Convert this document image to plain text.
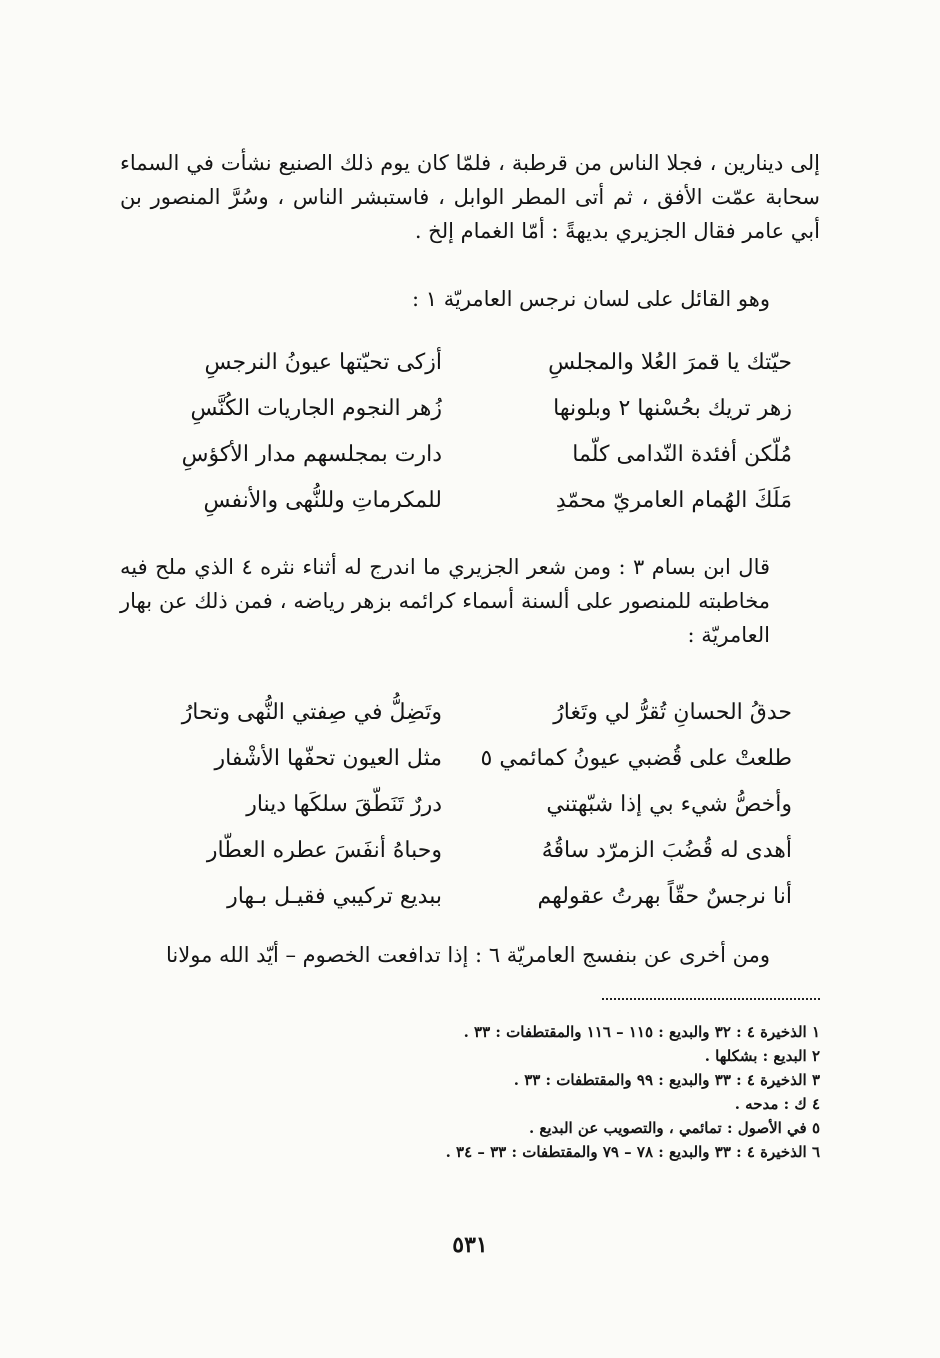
إلى دينارين ، فجلا الناس من قرطبة ، فلمّا كان يوم ذلك الصنيع نشأت في السماء سحابة عمّت الأفق ، ثم أتى المطر الوابل ، فاستبشر الناس ، وسُرَّ المنصور بن أبي عامر فقال الجزيري بديهةً : أمّا الغمام إلخ .

وهو القائل على لسان نرجس العامريّة ١ :

حيّتك يا قمرَ العُلا والمجلسِ
أزكى تحيّتها عيونُ النرجسِ
زهر تريك بحُسْنها ٢ وبلونها
زُهر النجوم الجاريات الكُنَّسِ
مُلّكن أفئدة النّدامى كلّما
دارت بمجلسهم مدار الأكؤسِ
مَلَكَ الهُمام العامريّ محمّدِ
للمكرماتِ وللنُّهى والأنفسِ

قال ابن بسام ٣ : ومن شعر الجزيري ما اندرج له أثناء نثره ٤ الذي ملح فيه مخاطبته للمنصور على ألسنة أسماء كرائمه بزهر رياضه ، فمن ذلك عن بهار العامريّة :

حدقُ الحسانِ تُقرُّ لي وتَغارُ
وتَضِلُّ في صِفتي النُّهى وتحارُ
طلعتْ على قُضبي عيونُ كمائمي ٥
مثل العيون تحفّها الأشْفار
وأخصُّ شيء بي إذا شبّهتني
دررٌ تَنَطّقَ سلكَها دينار
أهدى له قُضُبَ الزمرّد ساقُهُ
وحباهُ أنفَسَ عطره العطّار
أنا نرجسٌ حقّاً بهرتُ عقولهم
ببديع تركيبي فقيـل بـهار

ومن أخرى عن بنفسج العامريّة ٦ : إذا تدافعت الخصوم – أيّد الله مولانا

١ الذخيرة ٤ : ٣٢ والبديع : ١١٥ – ١١٦ والمقتطفات : ٣٣ .
٢ البديع : بشكلها .
٣ الذخيرة ٤ : ٣٣ والبديع : ٩٩ والمقتطفات : ٣٣ .
٤ ك : مدحه .
٥ في الأصول : تمائمي ، والتصويب عن البديع .
٦ الذخيرة ٤ : ٣٣ والبديع : ٧٨ – ٧٩ والمقتطفات : ٣٣ – ٣٤ .
٥٣١
